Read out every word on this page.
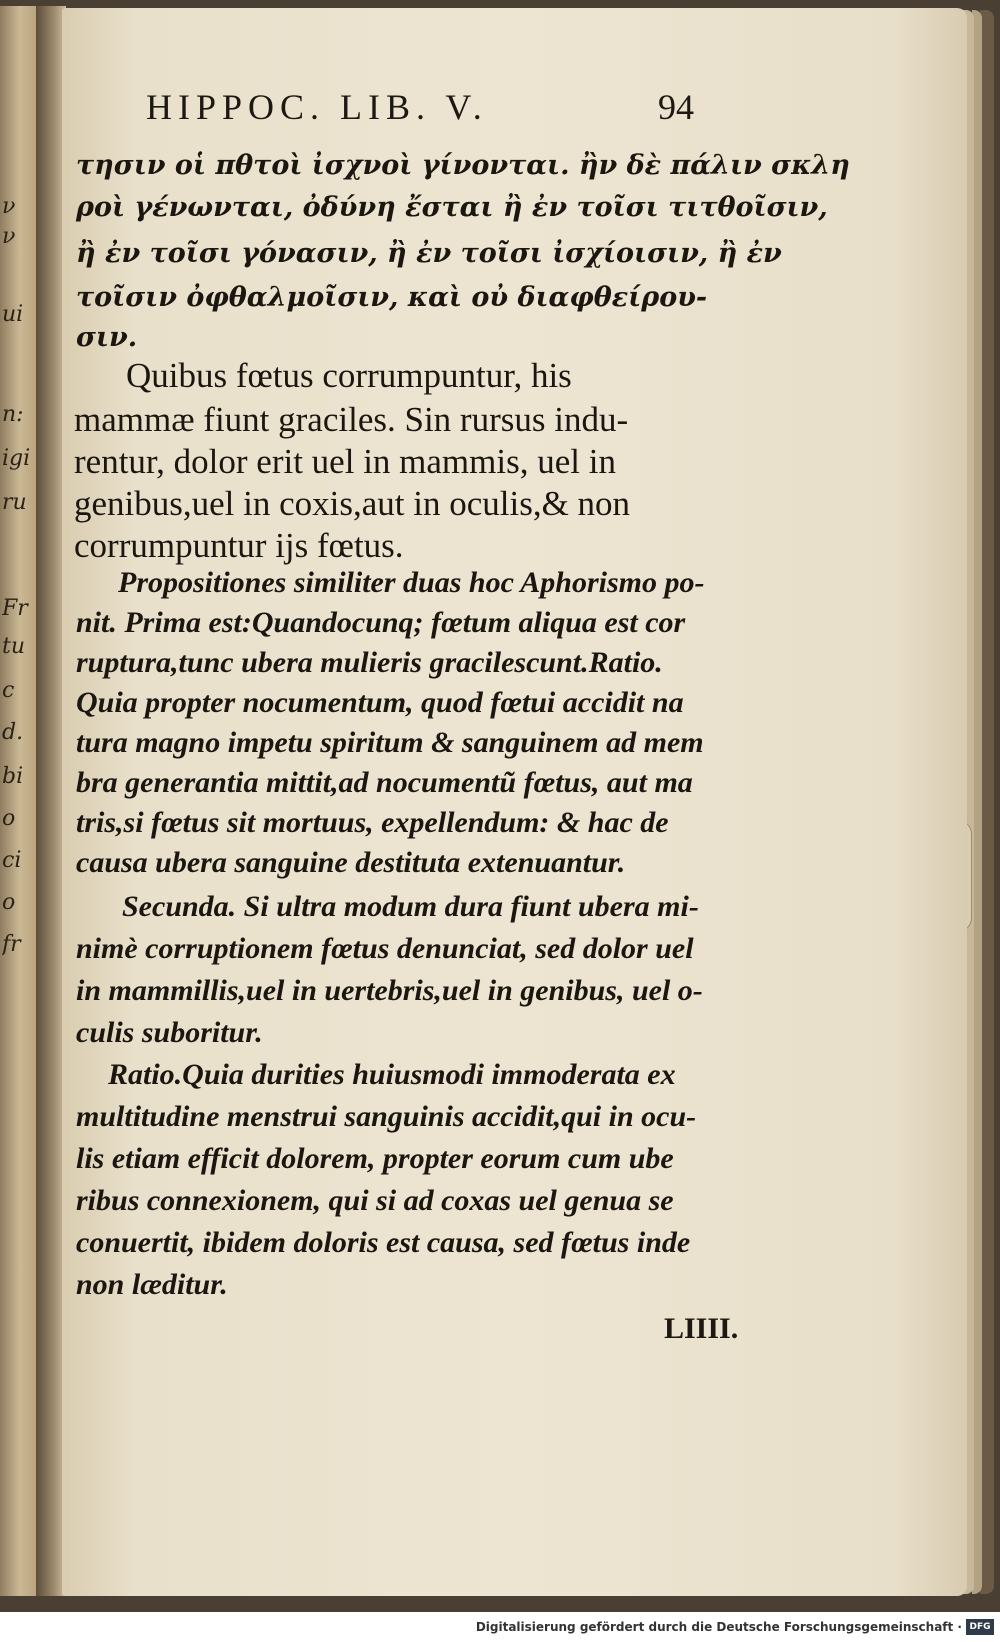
ν
ν
ui
n:
igi
ru
Fr
tu
c
d.
bi
o
ci
o
fr
HIPPOC. LIB. V.	94
τησιν οἱ πθτοὶ ἰσχνοὶ γίνονται. ἢν δὲ πάλιν σκλη
ροὶ γένωνται, ὀδύνη ἔσται ἢ ἐν τοῖσι τιτθοῖσιν,
ἢ ἐν τοῖσι γόνασιν, ἢ ἐν τοῖσι ἰσχίοισιν, ἢ ἐν
τοῖσιν ὀφθαλμοῖσιν, καὶ οὐ διαφθείρου-
σιν.
Quibus fœtus corrumpuntur, his
mammæ fiunt graciles. Sin rursus indu-
rentur, dolor erit uel in mammis, uel in
genibus,uel in coxis,aut in oculis,& non
corrumpuntur ijs fœtus.
Propositiones similiter duas hoc Aphorismo po-
nit. Prima est:Quandocunq; fœtum aliqua est cor
ruptura,tunc ubera mulieris gracilescunt.Ratio.
Quia propter nocumentum, quod fœtui accidit na
tura magno impetu spiritum & sanguinem ad mem
bra generantia mittit,ad nocumentũ fœtus, aut ma
tris,si fœtus sit mortuus, expellendum: & hac de
causa ubera sanguine destituta extenuantur.
Secunda. Si ultra modum dura fiunt ubera mi-
nimè corruptionem fœtus denunciat, sed dolor uel
in mammillis,uel in uertebris,uel in genibus, uel o-
culis suboritur.
Ratio.Quia durities huiusmodi immoderata ex
multitudine menstrui sanguinis accidit,qui in ocu-
lis etiam efficit dolorem, propter eorum cum ube
ribus connexionem, qui si ad coxas uel genua se
conuertit, ibidem doloris est causa, sed fœtus inde
non læditur.
LIIII.
Digitalisierung gefördert durch die Deutsche Forschungsgemeinschaft · DFG
